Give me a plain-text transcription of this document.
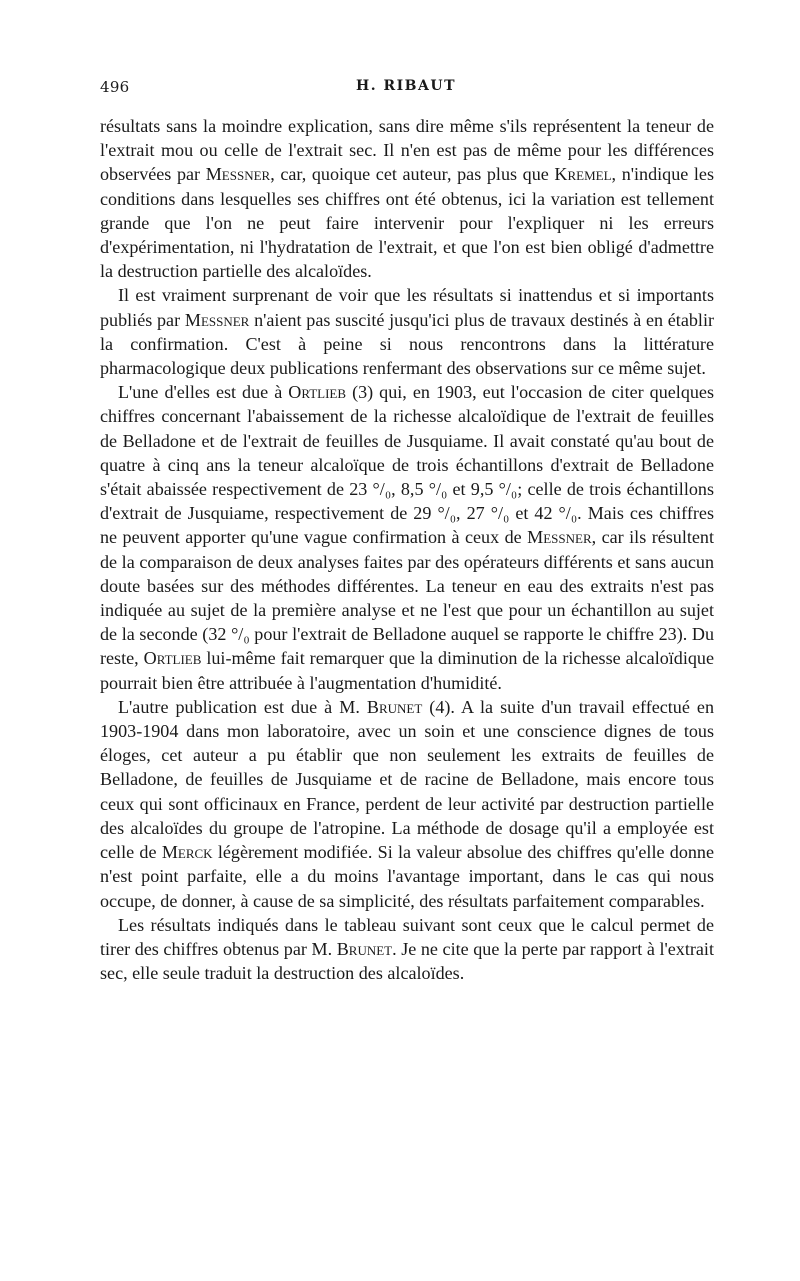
496	H. RIBAUT

résultats sans la moindre explication, sans dire même s'ils représentent la teneur de l'extrait mou ou celle de l'extrait sec. Il n'en est pas de même pour les différences observées par Messner, car, quoique cet auteur, pas plus que Kremel, n'indique les conditions dans lesquelles ses chiffres ont été obtenus, ici la variation est tellement grande que l'on ne peut faire intervenir pour l'expliquer ni les erreurs d'expérimentation, ni l'hydratation de l'extrait, et que l'on est bien obligé d'admettre la destruction partielle des alcaloïdes.

Il est vraiment surprenant de voir que les résultats si inattendus et si importants publiés par Messner n'aient pas suscité jusqu'ici plus de travaux destinés à en établir la confirmation. C'est à peine si nous rencontrons dans la littérature pharmacologique deux publications renfermant des observations sur ce même sujet.

L'une d'elles est due à Ortlieb (3) qui, en 1903, eut l'occasion de citer quelques chiffres concernant l'abaissement de la richesse alcaloïdique de l'extrait de feuilles de Belladone et de l'extrait de feuilles de Jusquiame. Il avait constaté qu'au bout de quatre à cinq ans la teneur alcaloïque de trois échantillons d'extrait de Belladone s'était abaissée respectivement de 23 °/₀, 8,5 °/₀ et 9,5 °/₀; celle de trois échantillons d'extrait de Jusquiame, respectivement de 29 °/₀, 27 °/₀ et 42 °/₀. Mais ces chiffres ne peuvent apporter qu'une vague confirmation à ceux de Messner, car ils résultent de la comparaison de deux analyses faites par des opérateurs différents et sans aucun doute basées sur des méthodes différentes. La teneur en eau des extraits n'est pas indiquée au sujet de la première analyse et ne l'est que pour un échantillon au sujet de la seconde (32 °/₀ pour l'extrait de Belladone auquel se rapporte le chiffre 23). Du reste, Ortlieb lui-même fait remarquer que la diminution de la richesse alcaloïdique pourrait bien être attribuée à l'augmentation d'humidité.

L'autre publication est due à M. Brunet (4). A la suite d'un travail effectué en 1903-1904 dans mon laboratoire, avec un soin et une conscience dignes de tous éloges, cet auteur a pu établir que non seulement les extraits de feuilles de Belladone, de feuilles de Jusquiame et de racine de Belladone, mais encore tous ceux qui sont officinaux en France, perdent de leur activité par destruction partielle des alcaloïdes du groupe de l'atropine. La méthode de dosage qu'il a employée est celle de Merck légèrement modifiée. Si la valeur absolue des chiffres qu'elle donne n'est point parfaite, elle a du moins l'avantage important, dans le cas qui nous occupe, de donner, à cause de sa simplicité, des résultats parfaitement comparables.

Les résultats indiqués dans le tableau suivant sont ceux que le calcul permet de tirer des chiffres obtenus par M. Brunet. Je ne cite que la perte par rapport à l'extrait sec, elle seule traduit la destruction des alcaloïdes.
